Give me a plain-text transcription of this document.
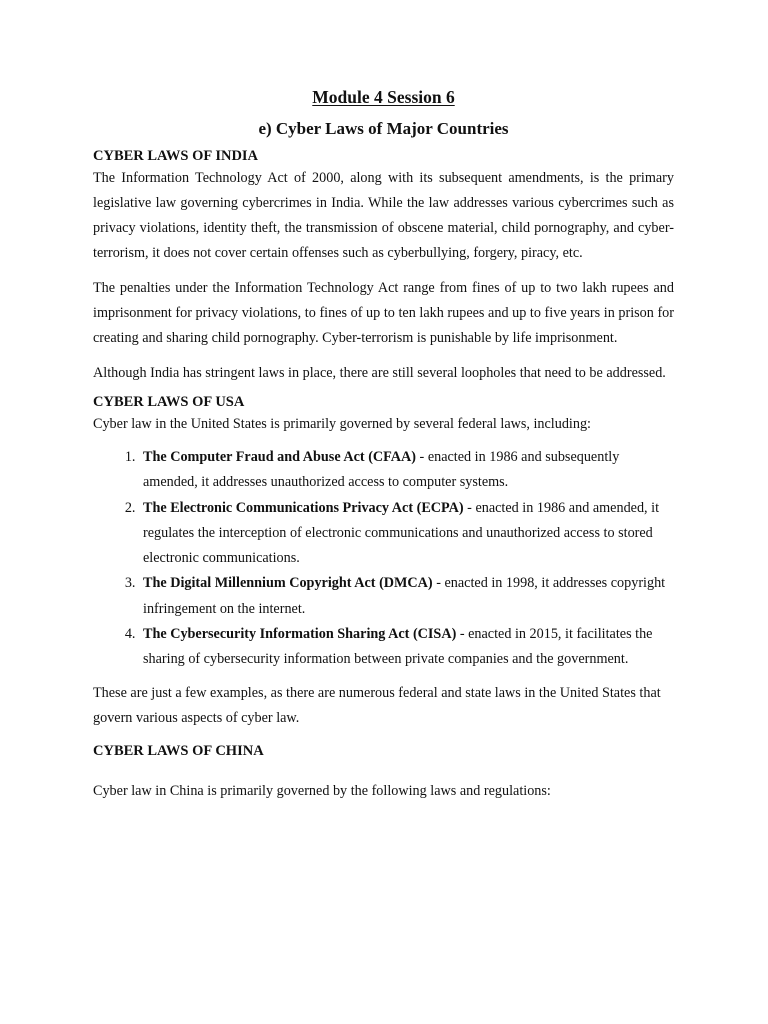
Module 4 Session 6
e) Cyber Laws of Major Countries
CYBER LAWS OF INDIA

The Information Technology Act of 2000, along with its subsequent amendments, is the primary legislative law governing cybercrimes in India. While the law addresses various cybercrimes such as privacy violations, identity theft, the transmission of obscene material, child pornography, and cyber-terrorism, it does not cover certain offenses such as cyberbullying, forgery, piracy, etc.

The penalties under the Information Technology Act range from fines of up to two lakh rupees and imprisonment for privacy violations, to fines of up to ten lakh rupees and up to five years in prison for creating and sharing child pornography. Cyber-terrorism is punishable by life imprisonment.

Although India has stringent laws in place, there are still several loopholes that need to be addressed.

CYBER LAWS OF USA

Cyber law in the United States is primarily governed by several federal laws, including:

1. The Computer Fraud and Abuse Act (CFAA) - enacted in 1986 and subsequently amended, it addresses unauthorized access to computer systems.
2. The Electronic Communications Privacy Act (ECPA) - enacted in 1986 and amended, it regulates the interception of electronic communications and unauthorized access to stored electronic communications.
3. The Digital Millennium Copyright Act (DMCA) - enacted in 1998, it addresses copyright infringement on the internet.
4. The Cybersecurity Information Sharing Act (CISA) - enacted in 2015, it facilitates the sharing of cybersecurity information between private companies and the government.

These are just a few examples, as there are numerous federal and state laws in the United States that govern various aspects of cyber law.

CYBER LAWS OF CHINA

Cyber law in China is primarily governed by the following laws and regulations:
